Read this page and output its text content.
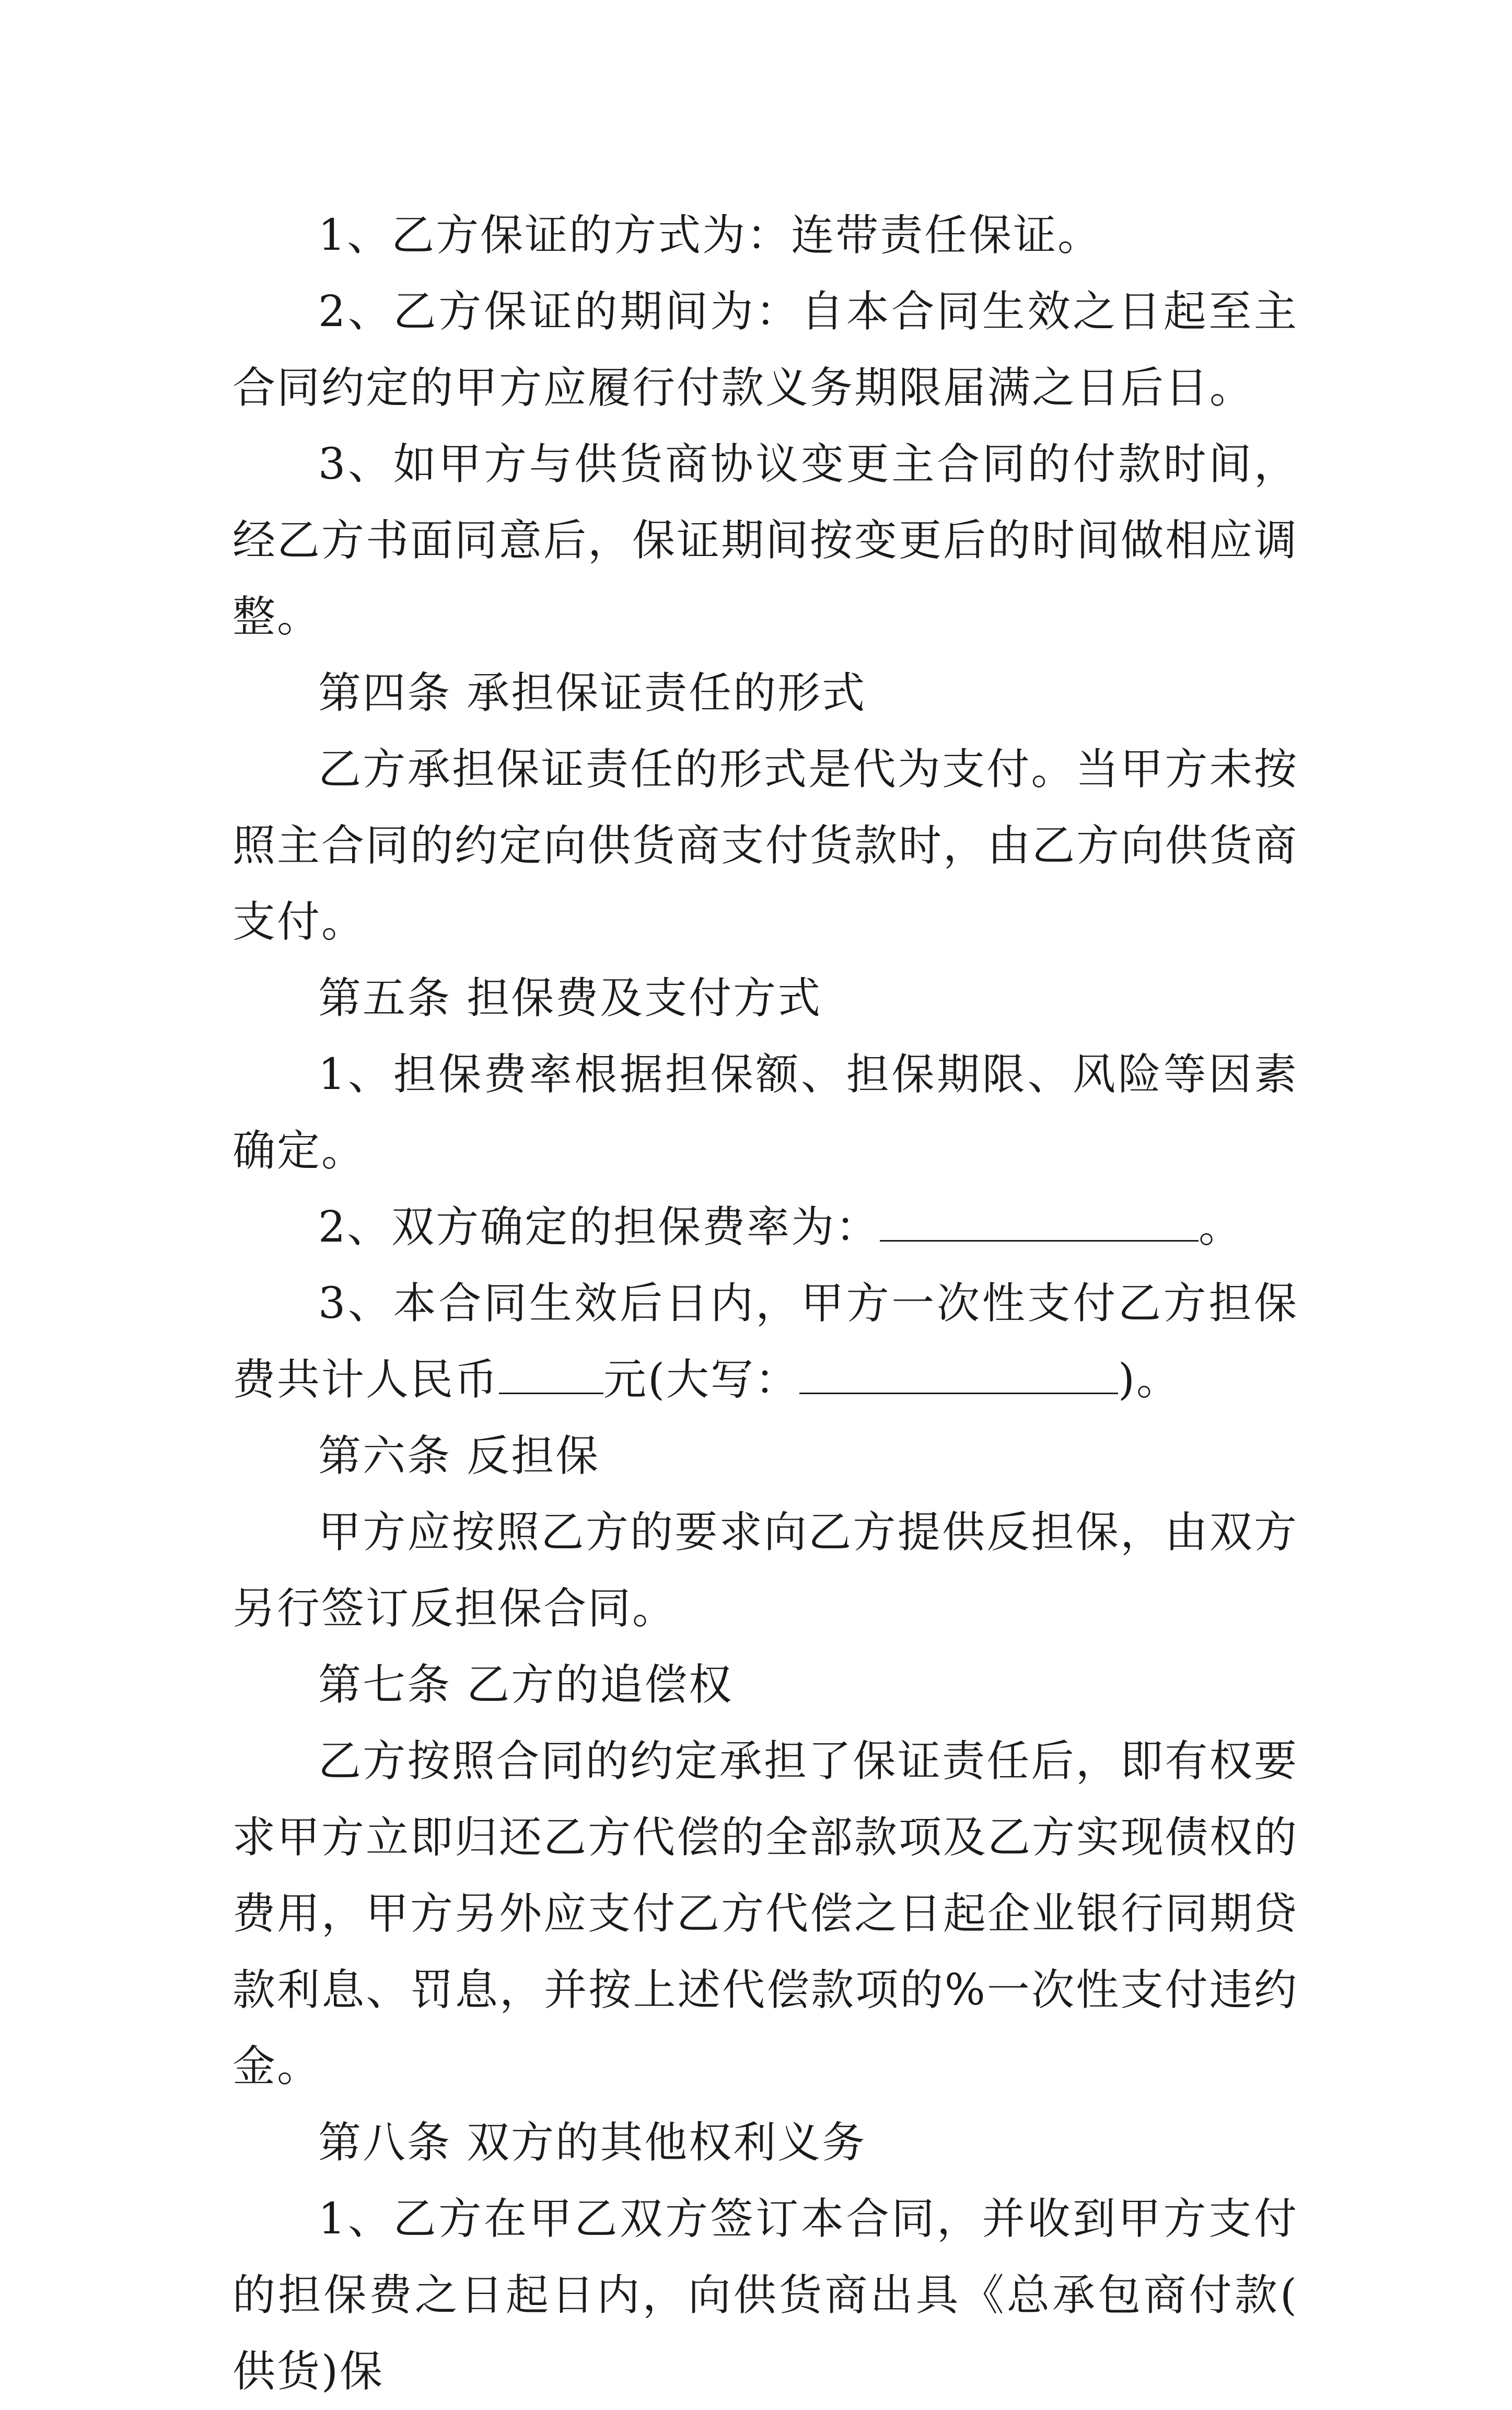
1、乙方保证的方式为：连带责任保证。

2、乙方保证的期间为：自本合同生效之日起至主合同约定的甲方应履行付款义务期限届满之日后日。

3、如甲方与供货商协议变更主合同的付款时间，经乙方书面同意后，保证期间按变更后的时间做相应调整。

第四条 承担保证责任的形式

乙方承担保证责任的形式是代为支付。当甲方未按照主合同的约定向供货商支付货款时，由乙方向供货商支付。

第五条 担保费及支付方式

1、担保费率根据担保额、担保期限、风险等因素确定。

2、双方确定的担保费率为：	。

3、本合同生效后日内，甲方一次性支付乙方担保费共计人民币 元(大写：	)。

第六条 反担保

甲方应按照乙方的要求向乙方提供反担保，由双方另行签订反担保合同。

第七条 乙方的追偿权

乙方按照合同的约定承担了保证责任后，即有权要求甲方立即归还乙方代偿的全部款项及乙方实现债权的费用，甲方另外应支付乙方代偿之日起企业银行同期贷款利息、罚息，并按上述代偿款项的%一次性支付违约金。

第八条 双方的其他权利义务

1、乙方在甲乙双方签订本合同，并收到甲方支付的担保费之日起日内，向供货商出具《总承包商付款(供货)保
